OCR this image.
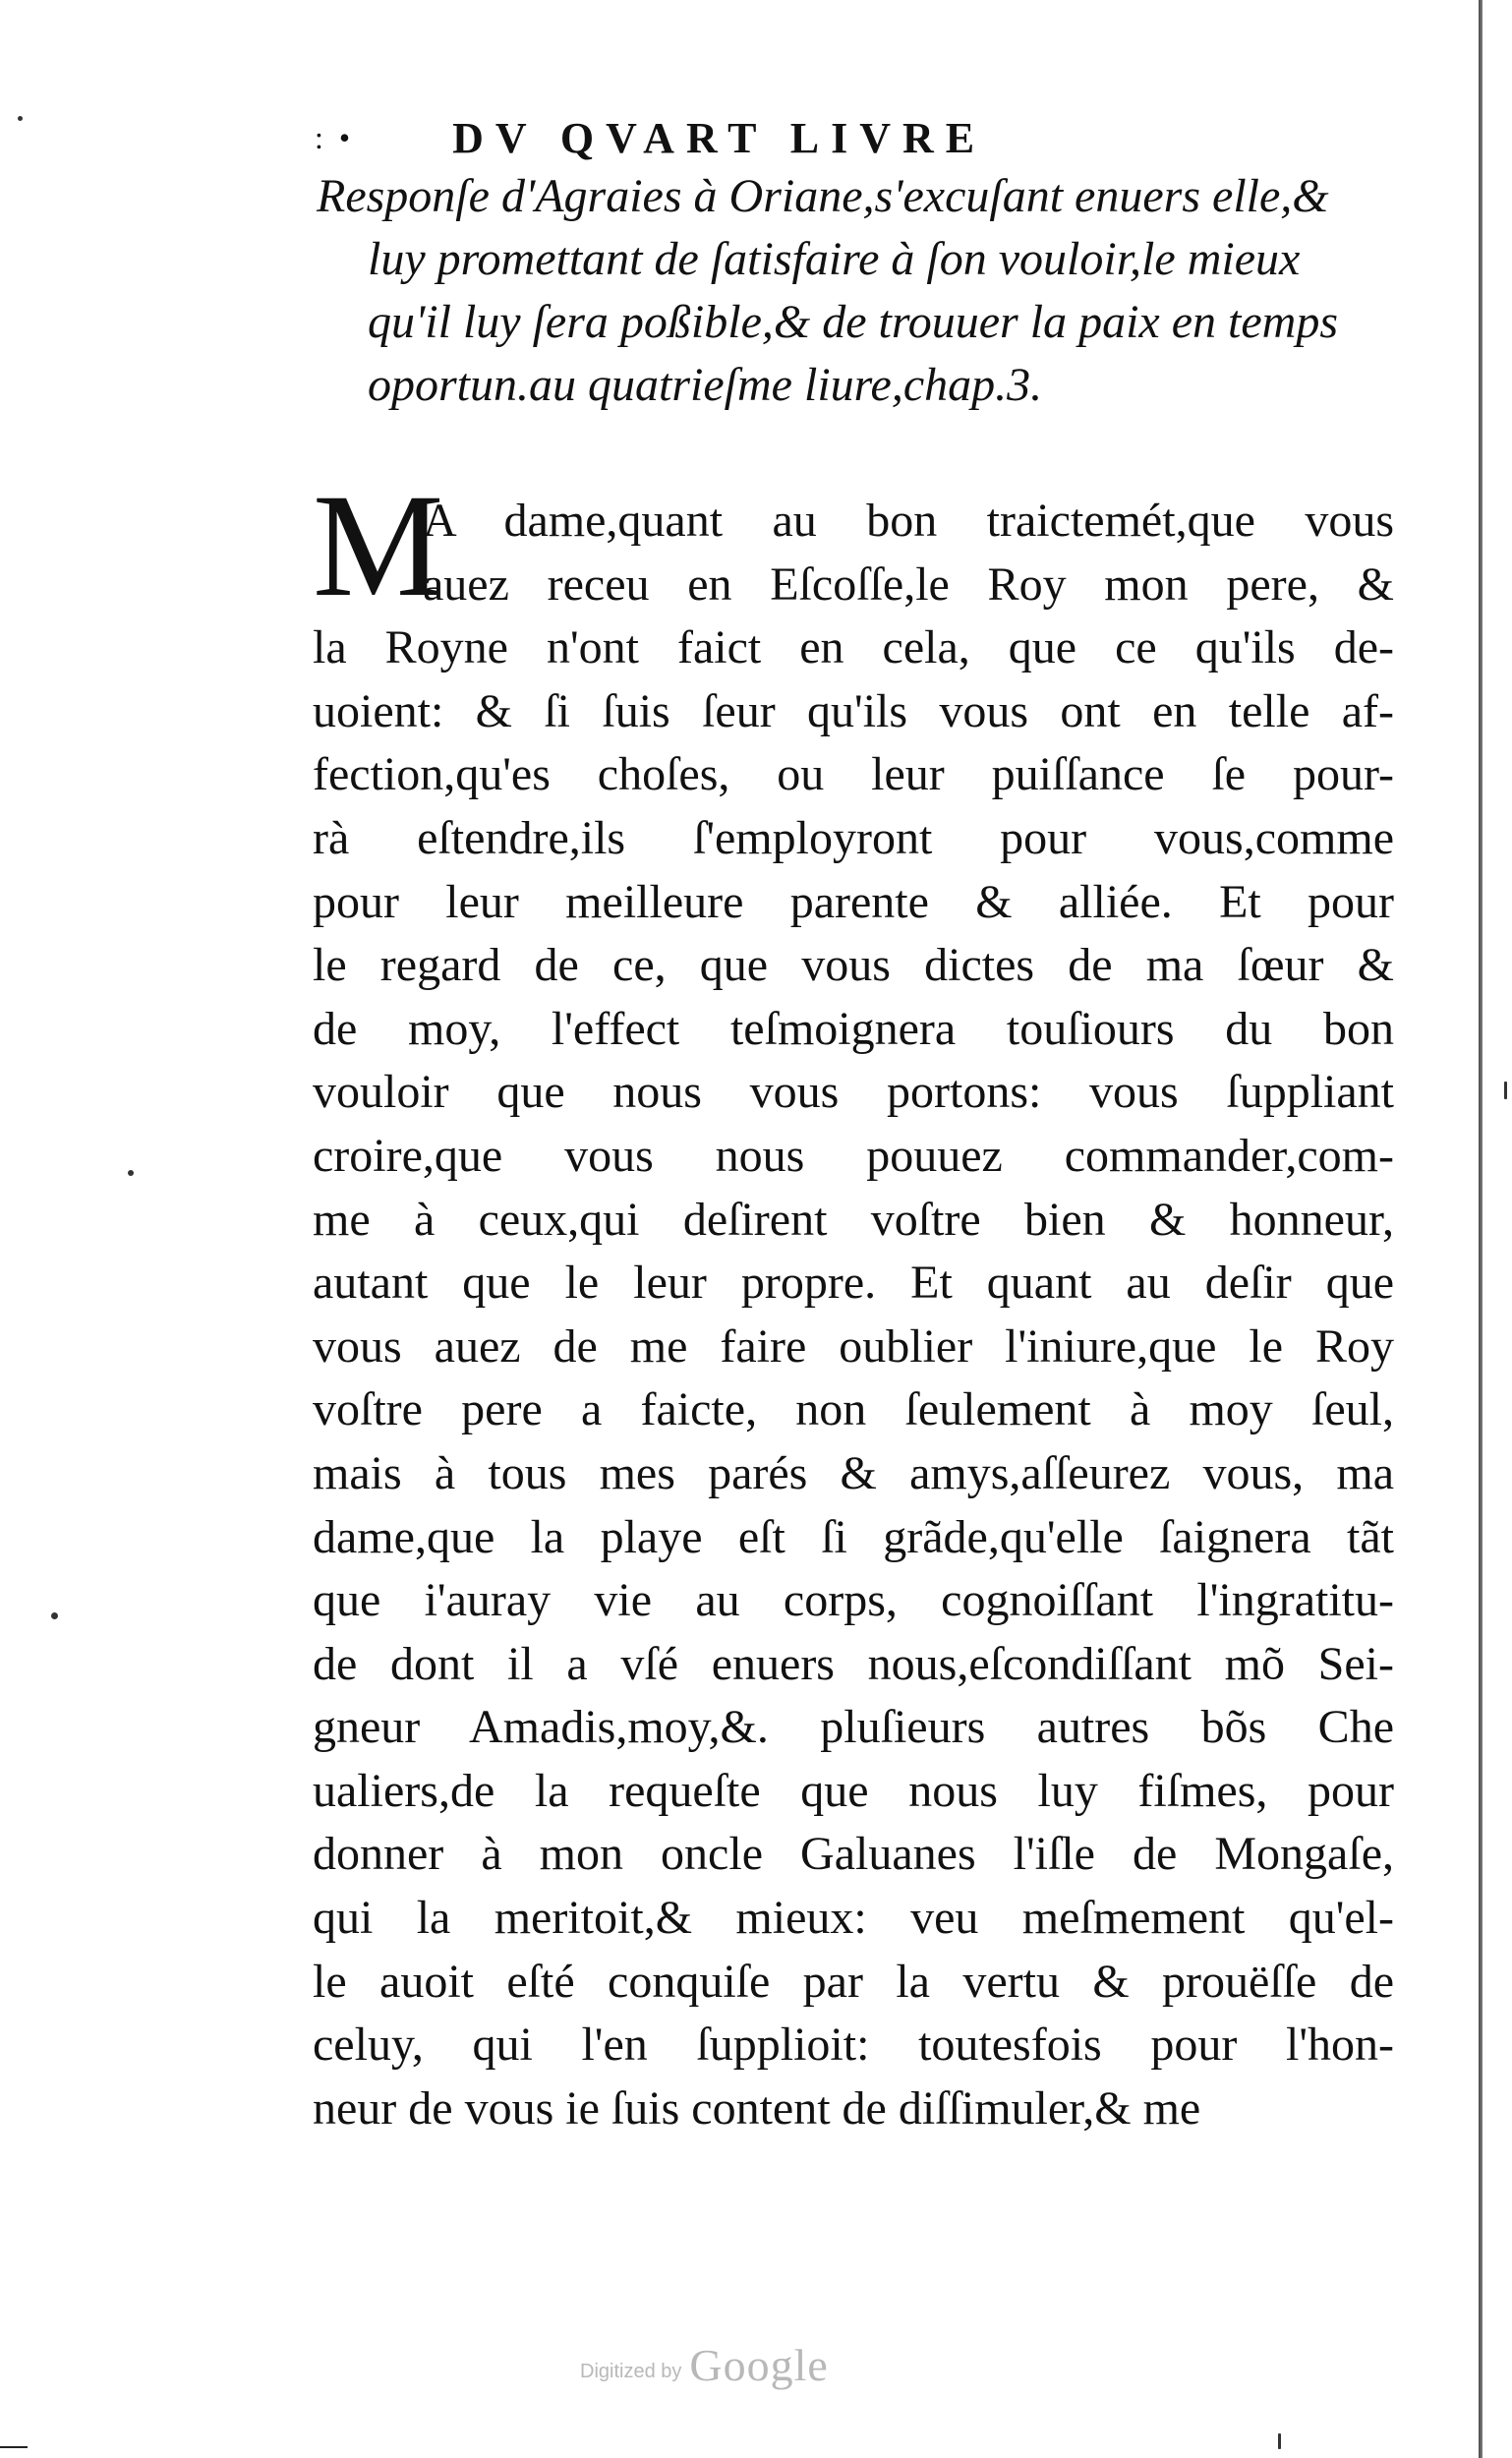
: • DV QVART LIVRE
Responſe d'Agraies à Oriane,s'excuſant enuers elle,&
luy promettant de ſatisfaire à ſon vouloir,le mieux
qu'il luy ſera poßible,& de trouuer la paix en temps
oportun.au quatrieſme liure,chap.3.
M
A dame,quant au bon traictemét,que vous
auez receu en Eſcoſſe,le Roy mon pere, &
la Royne n'ont faict en cela, que ce qu'ils de-
uoient: & ſi ſuis ſeur qu'ils vous ont en telle af-
fection,qu'es choſes, ou leur puiſſance ſe pour-
rà eſtendre,ils ſ'employront pour vous,comme
pour leur meilleure parente & alliée. Et pour
le regard de ce, que vous dictes de ma ſœur &
de moy, l'effect teſmoignera touſiours du bon
vouloir que nous vous portons: vous ſuppliant
croire,que vous nous pouuez commander,com-
me à ceux,qui deſirent voſtre bien & honneur,
autant que le leur propre. Et quant au deſir que
vous auez de me faire oublier l'iniure,que le Roy
voſtre pere a faicte, non ſeulement à moy ſeul,
mais à tous mes parés & amys,aſſeurez vous, ma
dame,que la playe eſt ſi grãde,qu'elle ſaignera tãt
que i'auray vie au corps, cognoiſſant l'ingratitu-
de dont il a vſé enuers nous,eſcondiſſant mõ Sei-
gneur Amadis,moy,&. pluſieurs autres bõs Che
ualiers,de la requeſte que nous luy fiſmes, pour
donner à mon oncle Galuanes l'iſle de Mongaſe,
qui la meritoit,& mieux: veu meſmement qu'el-
le auoit eſté conquiſe par la vertu & prouëſſe de
celuy, qui l'en ſupplioit: toutesfois pour l'hon-
neur de vous ie ſuis content de diſſimuler,& me
Digitized by Google
